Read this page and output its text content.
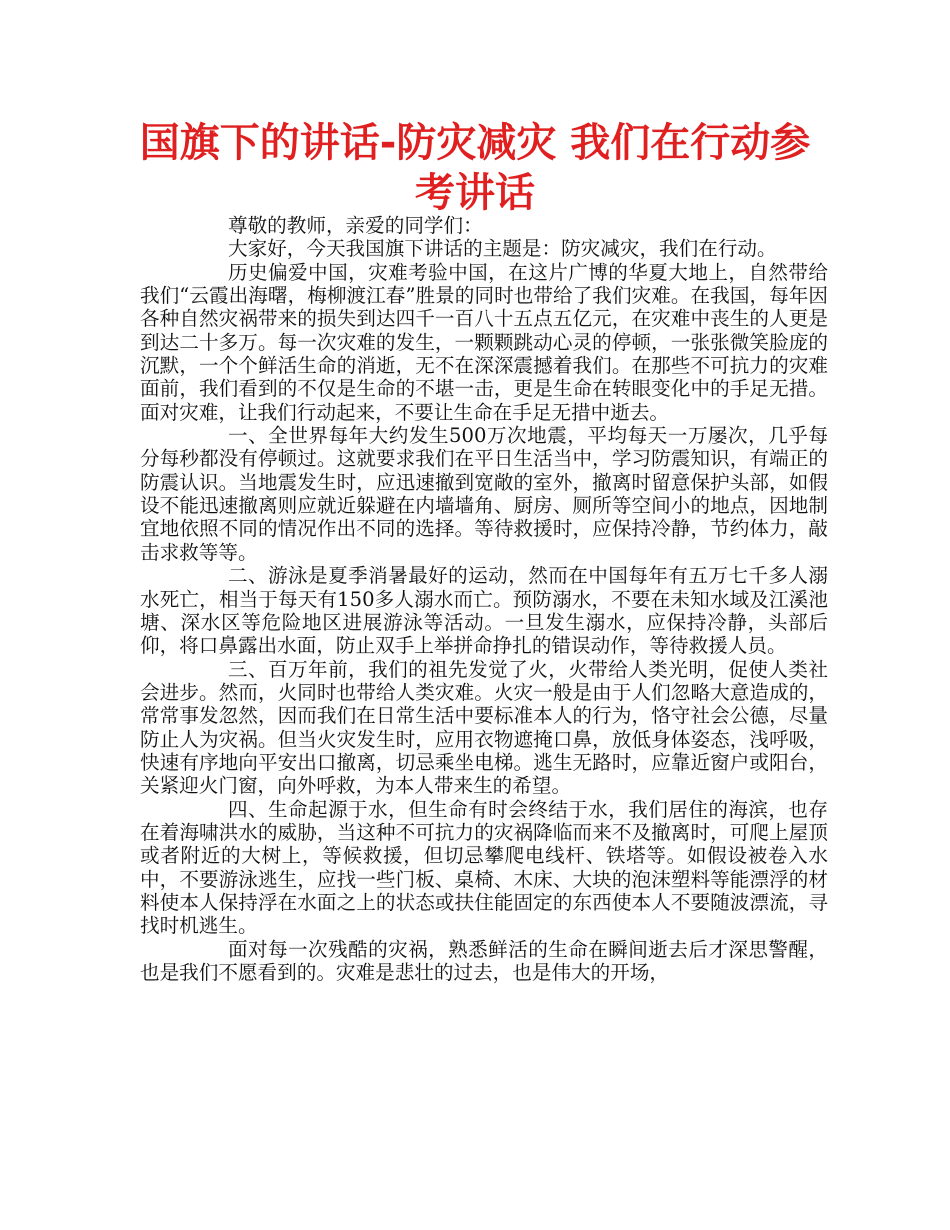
国旗下的讲话-防灾减灾 我们在行动参考讲话

尊敬的教师，亲爱的同学们：

大家好，今天我国旗下讲话的主题是：防灾减灾，我们在行动。

历史偏爱中国，灾难考验中国，在这片广博的华夏大地上，自然带给我们“云霞出海曙，梅柳渡江春”胜景的同时也带给了我们灾难。在我国，每年因各种自然灾祸带来的损失到达四千一百八十五点五亿元，在灾难中丧生的人更是到达二十多万。每一次灾难的发生，一颗颗跳动心灵的停顿，一张张微笑脸庞的沉默，一个个鲜活生命的消逝，无不在深深震撼着我们。在那些不可抗力的灾难面前，我们看到的不仅是生命的不堪一击，更是生命在转眼变化中的手足无措。面对灾难，让我们行动起来，不要让生命在手足无措中逝去。

一、全世界每年大约发生500万次地震，平均每天一万屡次，几乎每分每秒都没有停顿过。这就要求我们在平日生活当中，学习防震知识，有端正的防震认识。当地震发生时，应迅速撤到宽敞的室外，撤离时留意保护头部，如假设不能迅速撤离则应就近躲避在内墙墙角、厨房、厕所等空间小的地点，因地制宜地依照不同的情况作出不同的选择。等待救援时，应保持冷静，节约体力，敲击求救等等。

二、游泳是夏季消暑最好的运动，然而在中国每年有五万七千多人溺水死亡，相当于每天有150多人溺水而亡。预防溺水，不要在未知水域及江溪池塘、深水区等危险地区进展游泳等活动。一旦发生溺水，应保持冷静，头部后仰，将口鼻露出水面，防止双手上举拼命挣扎的错误动作，等待救援人员。

三、百万年前，我们的祖先发觉了火，火带给人类光明，促使人类社会进步。然而，火同时也带给人类灾难。火灾一般是由于人们忽略大意造成的，常常事发忽然，因而我们在日常生活中要标准本人的行为，恪守社会公德，尽量防止人为灾祸。但当火灾发生时，应用衣物遮掩口鼻，放低身体姿态，浅呼吸，快速有序地向平安出口撤离，切忌乘坐电梯。逃生无路时，应靠近窗户或阳台，关紧迎火门窗，向外呼救，为本人带来生的希望。

四、生命起源于水，但生命有时会终结于水，我们居住的海滨，也存在着海啸洪水的威胁，当这种不可抗力的灾祸降临而来不及撤离时，可爬上屋顶或者附近的大树上，等候救援，但切忌攀爬电线杆、铁塔等。如假设被卷入水中，不要游泳逃生，应找一些门板、桌椅、木床、大块的泡沫塑料等能漂浮的材料使本人保持浮在水面之上的状态或扶住能固定的东西使本人不要随波漂流，寻找时机逃生。

面对每一次残酷的灾祸，熟悉鲜活的生命在瞬间逝去后才深思警醒，也是我们不愿看到的。灾难是悲壮的过去，也是伟大的开场，
